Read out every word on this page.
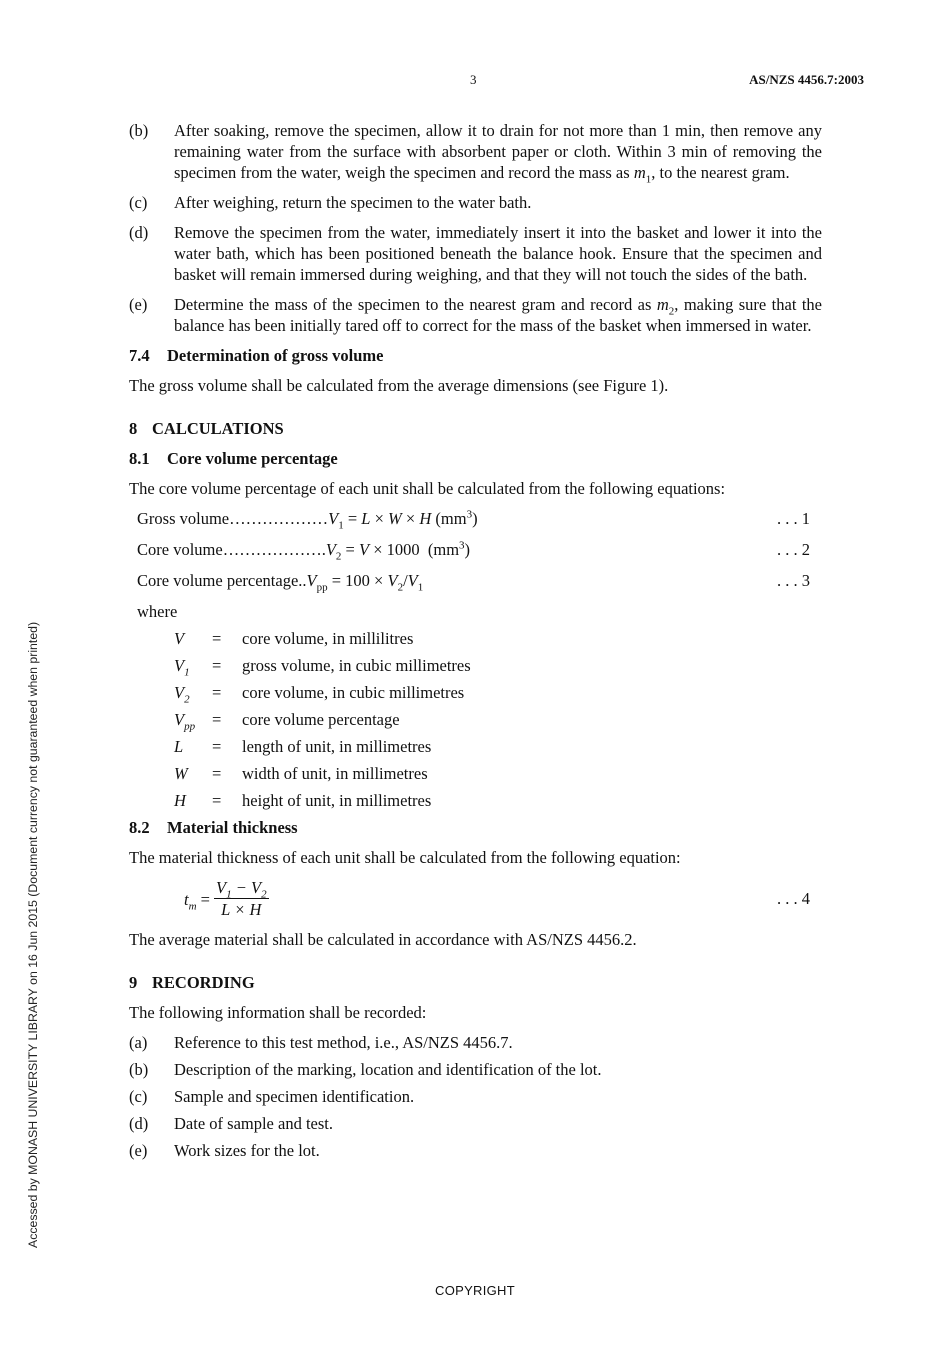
3	AS/NZS 4456.7:2003
Accessed by MONASH UNIVERSITY LIBRARY on 16 Jun 2015 (Document currency not guaranteed when printed)
(b) After soaking, remove the specimen, allow it to drain for not more than 1 min, then remove any remaining water from the surface with absorbent paper or cloth. Within 3 min of removing the specimen from the water, weigh the specimen and record the mass as $m_1$, to the nearest gram.
(c) After weighing, return the specimen to the water bath.
(d) Remove the specimen from the water, immediately insert it into the basket and lower it into the water bath, which has been positioned beneath the balance hook. Ensure that the specimen and basket will remain immersed during weighing, and that they will not touch the sides of the bath.
(e) Determine the mass of the specimen to the nearest gram and record as $m_2$, making sure that the balance has been initially tared off to correct for the mass of the basket when immersed in water.
7.4 Determination of gross volume
The gross volume shall be calculated from the average dimensions (see Figure 1).
8 CALCULATIONS
8.1 Core volume percentage
The core volume percentage of each unit shall be calculated from the following equations:
Gross $volume\dots\dots\dots\dots\dots\dots V_1 = L \times W \times H$ $(mm^3)$	. . . 1
Core $volume\dots\dots\dots\dots\dots\dots.V_2 = V \times 1000$  $(mm^3)$	. . . 2
Core volume $percentage..V_{pp} = 100 \times V_2/V_1$	. . . 3
where
V	=	core volume, in millilitres
$V_1$	=	gross volume, in cubic millimetres
$V_2$	=	core volume, in cubic millimetres
$V_{pp}$	=	core volume percentage
L	=	length of unit, in millimetres
W	=	width of unit, in millimetres
H	=	height of unit, in millimetres
8.2 Material thickness
The material thickness of each unit shall be calculated from the following equation:
$t_m = \frac{V_1 - V_2}{L \times H}$	. . . 4
The average material shall be calculated in accordance with AS/NZS 4456.2.
9 RECORDING
The following information shall be recorded:
(a) Reference to this test method, i.e., AS/NZS 4456.7.
(b) Description of the marking, location and identification of the lot.
(c) Sample and specimen identification.
(d) Date of sample and test.
(e) Work sizes for the lot.
COPYRIGHT
